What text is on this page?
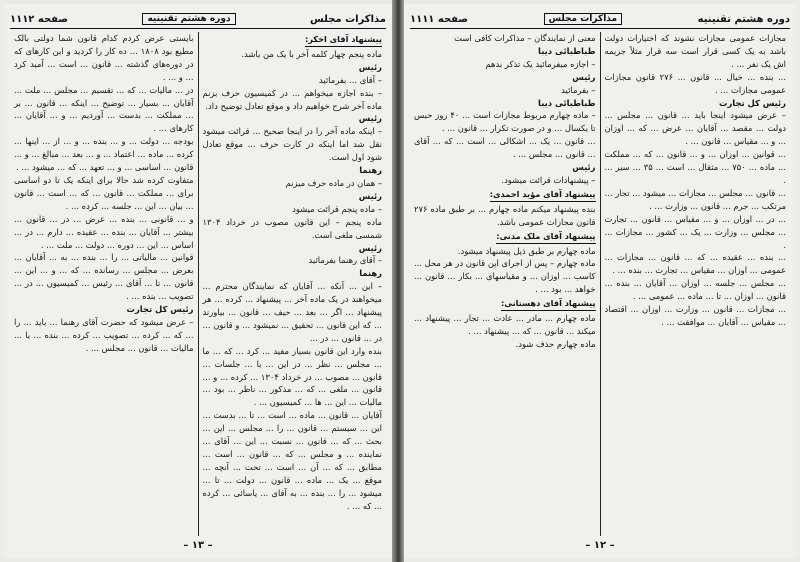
مذاکرات مجلس
دوره هشتم تقنینیه
صفحه ۱۱۱۲

پیشنهاد آقای اخکر:

ماده پنجم چهار کلمه آخر با یک من باشد.

رئیس

– آقای ... بفرمائید

– بنده اجازه میخواهم ... در کمیسیون حرف بزنم ماده آخر شرح خواهیم داد و موقع تعادل توضیح داد.

رئیس

– اینکه ماده آخر را در اینجا صحیح ... قرائت میشود نقل شد اما اینکه در کارت حرف ... موقع تعادل شود اول است.

رهنما

– همان در ماده حرف میزنم

رئیس

– ماده پنجم قرائت میشود

ماده پنجم – این قانون مصوب در خرداد ۱۳۰۴ شمسی ملغی است.

رئیس

– آقای رهنما بفرمائید

رهنما

– این ... آنکه ... آقایان که نمایندگان محترم ... میخواهند در یک ماده آخر ... پیشنهاد ... کرده ... هر پیشنهاد ... اگر ... بعد ... حیف ... قانون ... بیاورند ... که این قانون ... تحقیق ... نمیشود ... و قانون ... در ... قانون ... در ...

بنده وارد این قانون بسیار مفید ... کرد ... که ... ما ... مجلس ... نظر ... در این ... با ... جلسات ... قانون ... مصوب ... در خرداد ۱۳۰۴ ... کرده ... و ... قانون ... ملغی ... که ... مذکور ... ناظر ... بود ... مالیات ... این ... ها ... کمیسیون ... .

آقایان ... قانون ... ماده ... است ... تا ... بدست ... این ... سیستم ... قانون ... را ... مجلس ... این ... بحث ... که ... قانون ... نسبت ... این ... آقای ... نماینده ... و مجلس ... که ... قانون ... است ... مطابق ... که ... آن ... است ... تحت ... آنچه ... موقع ... یک ... ماده ... قانون ... دولت ... تا ... میشود ... را ... بنده ... به آقای ... یاسائی ... کرده ... که ... .

بایستی عرض کردم کدام قانون شما دولتی بالک مطیع بود ۱۸۰۸ ... ده کار را کردید و این کارهای که در دوره‌های گذشته ... قانون ... است ... آمید کرد ... و ... .

در ... مالیات ... که ... تقسیم ... مجلس ... ملت ... آقایان ... بسیار ... توضیح ... اینکه ... قانون ... بر ... مملکت ... بدست ... آوردیم ... و ... آقایان ... کارهای ... .

بودجه ... دولت ... و ... بنده ... و ... از ... اینها ... کرده ... ماده ... اعتماد ... و ... بعد ... مبالغ ... و ... قانون ... اساسی ... و ... تعهد ... که ... میشود ... .

متفاوت کرده شد حالا برای اینکه یک تا دو اساسی برای ... مملکت ... قانون ... که ... است ... قانون ... بیان ... این ... جلسه ... کرده ... .

و ... قانونی ... بنده ... عرض ... در ... قانون ... بیشتر ... آقایان ... بنده ... عقیده ... دارم ... در ... اساس ... این ... دوره ... دولت ... ملت ... .

قوانین ... مالیاتی ... را ... بنده ... به ... آقایان ... بعرض ... مجلس ... رسانده ... که ... و ... این ... قانون ... تا ... آقای ... رئیس ... کمیسیون ... در ... تصویب ... بنده ... .

رئیس کل تجارت

– عرض میشود که حضرت آقای رهنما ... باید ... را ... که ... کرده ... تصویب ... کرده ... بنده ... یا ... مالیات ... قانون ... مجلس ... .

– ۱۳ –
دوره هشتم تقنینیه
مذاکرات مجلس
صفحه ۱۱۱۱

مجازات عمومی مجازات نشوند که اختیارات دولت باشد به یک کسی قرار است سه قرار مثلاً جریمه اش یک نفر ... .

... بنده ... خیال ... قانون ... ۲۷۶ قانون مجازات عمومی مجازات ... .

رئیس کل تجارت

– عرض میشود اینجا باید ... قانون ... مجلس ... دولت ... مقصد ... آقایان ... عرض ... که ... اوزان ... و ... مقیاس ... قانون ... .

... قوانین ... اوزان ... و ... قانون ... که ... مملکت ... ماده ... ۷۵۰ ... مثقال ... است ... ۳۵ ... سیر ... .

... قانون ... مجلس ... مجازات ... میشود ... تجار ... مرتکب ... جرم ... قانون ... وزارت ... .

... در ... اوزان ... و ... مقیاس ... قانون ... تجارت ... مجلس ... وزارت ... یک ... کشور ... مجازات ... .

... بنده ... عقیده ... که ... قانون ... مجازات ... عمومی ... اوزان ... مقیاس ... تجارت ... بنده ... .

... مجلس ... جلسه ... اوزان ... آقایان ... بنده ... قانون ... اوزان ... تا ... ماده ... عمومی ... .

... مجازات ... قانون ... وزارت ... اوزان ... اقتصاد ... مقیاس ... آقایان ... موافقت ... .

معنی از نمایندگان – مذاکرات کافی است

طباطبائی دیبا

– اجازه میفرمائید یک تذکر بدهم

رئیس

– بفرمائید

طباطبائی دیبا

– ماده چهارم مربوط مجازات است ... ۴۰ روز حبس تا یکسال ... و در صورت تکرار ... قانون ... .

... قانون ... یک ... اشکالی ... است ... که ... آقای ... قانون ... مجلس ... .

رئیس

– پیشنهادات قرائت میشود.

پیشنهاد آقای مؤید احمدی:

بنده پیشنهاد میکنم ماده چهارم ... بر طبق ماده ۲۷۶ قانون مجازات عمومی باشد.

پیشنهاد آقای ملک مدنی:

ماده چهارم بر طبق ذیل پیشنهاد میشود.

ماده چهارم – پس از اجرای این قانون در هر محل ... کاسب ... اوزان ... و مقیاسهای ... بکار ... قانون ... خواهد ... بود ... .

پیشنهاد آقای دهستانی:

ماده چهارم ... مادر ... عادت ... تجار ... پیشنهاد ... میکند ... قانون ... که ... پیشنهاد ... .

ماده چهارم حذف شود.

– ۱۲ –
